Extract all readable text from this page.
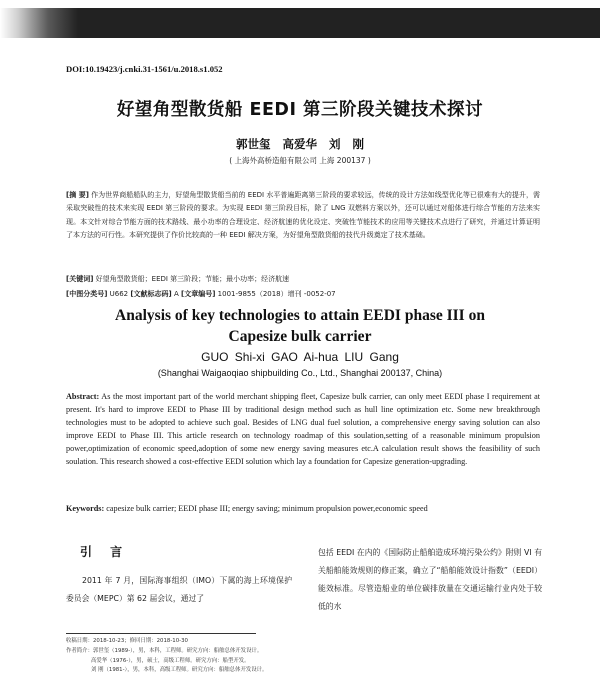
DOI:10.19423/j.cnki.31-1561/u.2018.s1.052
好望角型散货船 EEDI 第三阶段关键技术探讨
郭世玺 高爱华 刘 刚
( 上海外高桥造船有限公司 上海 200137 )
[摘 要] 作为世界商船船队的主力，好望角型散货船当前的 EEDI 水平普遍距离第三阶段的要求较远，传统的设计方法如线型优化等已很难有大的提升，需采取突破性的技术来实现 EEDI 第三阶段的要求。为实现 EEDI 第三阶段目标，除了 LNG 双燃料方案以外，还可以通过对船体进行综合节能的方法来实现。本文针对综合节能方面的技术路线、最小功率的合理设定、经济航速的优化设定、突破性节能技术的应用等关键技术点进行了研究，并通过计算证明了本方法的可行性。本研究提供了作价比较高的一种 EEDI 解决方案，为好望角型散货船的技代升级奠定了技术基础。
[关键词] 好望角型散货船；EEDI 第三阶段；节能；最小功率；经济航速
[中图分类号] U662 [文献标志码] A [文章编号] 1001-9855（2018）增刊 -0052-07
Analysis of key technologies to attain EEDI phase III on
Capesize bulk carrier
GUO Shi-xi GAO Ai-hua LIU Gang
(Shanghai Waigaoqiao shipbuilding Co., Ltd., Shanghai 200137, China)
Abstract: As the most important part of the world merchant shipping fleet, Capesize bulk carrier, can only meet EEDI phase I requirement at present. It's hard to improve EEDI to Phase III by traditional design method such as hull line optimization etc. Some new breakthrough technologies must to be adopted to achieve such goal. Besides of LNG dual fuel solution, a comprehensive energy saving solution can also improve EEDI to Phase III. This article research on technology roadmap of this soulation,setting of a reasonable minimum propulsion power,optimization of economic speed,adoption of some new energy saving measures etc.A calculation result shows the feasibility of such soulation. This research showed a cost-effective EEDI solution which lay a foundation for Capesize generation-upgrading.
Keywords: capesize bulk carrier; EEDI phase III; energy saving; minimum propulsion power,economic speed
引 言
2011 年 7 月，国际海事组织（IMO）下属的海上环境保护委员会（MEPC）第 62 届会议，通过了
包括 EEDI 在内的《国际防止船舶造成环境污染公约》附则 VI 有关船舶能效规则的修正案，确立了“船舶能效设计指数”（EEDI）能效标准。尽管造船业的单位碳排放量在交通运输行业内处于较低的水
收稿日期：2018-10-23；修回日期：2018-10-30
作者简介：郭世玺（1989-），男，本科，工程师。研究方向：船舶总体开发设计。
高爱华（1976-），男，硕士，高级工程师。研究方向：船型开发。
刘 刚（1981-），男，本科，高级工程师。研究方向：船舶总体开发设计。
